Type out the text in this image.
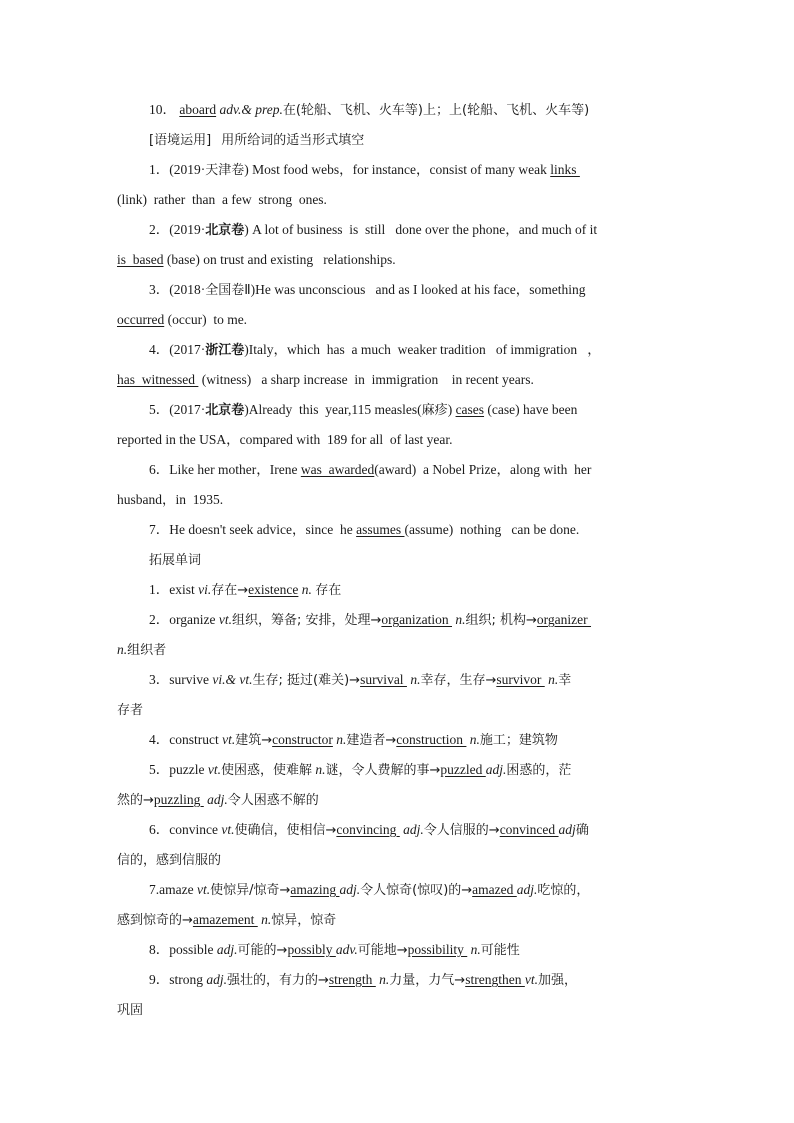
10． aboard adv.& prep.在(轮船、飞机、火车等)上；上(轮船、飞机、火车等)
[语境运用] 用所给词的适当形式填空
1．(2019·天津卷) Most food webs，for instance，consist of many weak links
(link)  rather  than  a few  strong  ones.
2．(2019·北京卷) A lot of business  is  still   done over the phone，and much of it
is  based (base) on trust and existing   relationships.
3．(2018·全国卷Ⅱ)He was unconscious   and as I looked at his face，something
occurred (occur)  to me.
4．(2017·浙江卷)Italy，which  has  a much  weaker tradition   of immigration   ，
has  witnessed  (witness)   a sharp increase  in  immigration    in recent years.
5．(2017·北京卷)Already  this  year,115 measles(麻疹) cases (case) have been
reported in the USA，compared with  189 for all  of last year.
6．Like her mother，Irene was  awarded(award)  a Nobel Prize，along with  her
husband，in  1935.
7．He doesn't seek advice，since  he assumes (assume)  nothing   can be done.
拓展单词
1．exist vi.存在→existence n. 存在
2．organize vt.组织，筹备; 安排，处理→organization  n.组织; 机构→organizer
n.组织者
3．survive vi.& vt.生存; 挺过(难关)→survival  n.幸存，生存→survivor  n.幸
存者
4．construct vt.建筑→constructor n.建造者→construction  n.施工；建筑物
5．puzzle vt.使困惑，使难解 n.谜，令人费解的事→puzzled adj.困惑的，茫
然的→puzzling  adj.令人困惑不解的
6．convince vt.使确信，使相信→convincing  adj.令人信服的→convinced adj确
信的，感到信服的
7.amaze vt.使惊异/惊奇→amazing adj.令人惊奇(惊叹)的→amazed adj.吃惊的，
感到惊奇的→amazement  n.惊异，惊奇
8．possible adj.可能的→possibly adv.可能地→possibility  n.可能性
9．strong adj.强壮的，有力的→strength  n.力量，力气→strengthen vt.加强，
巩固
